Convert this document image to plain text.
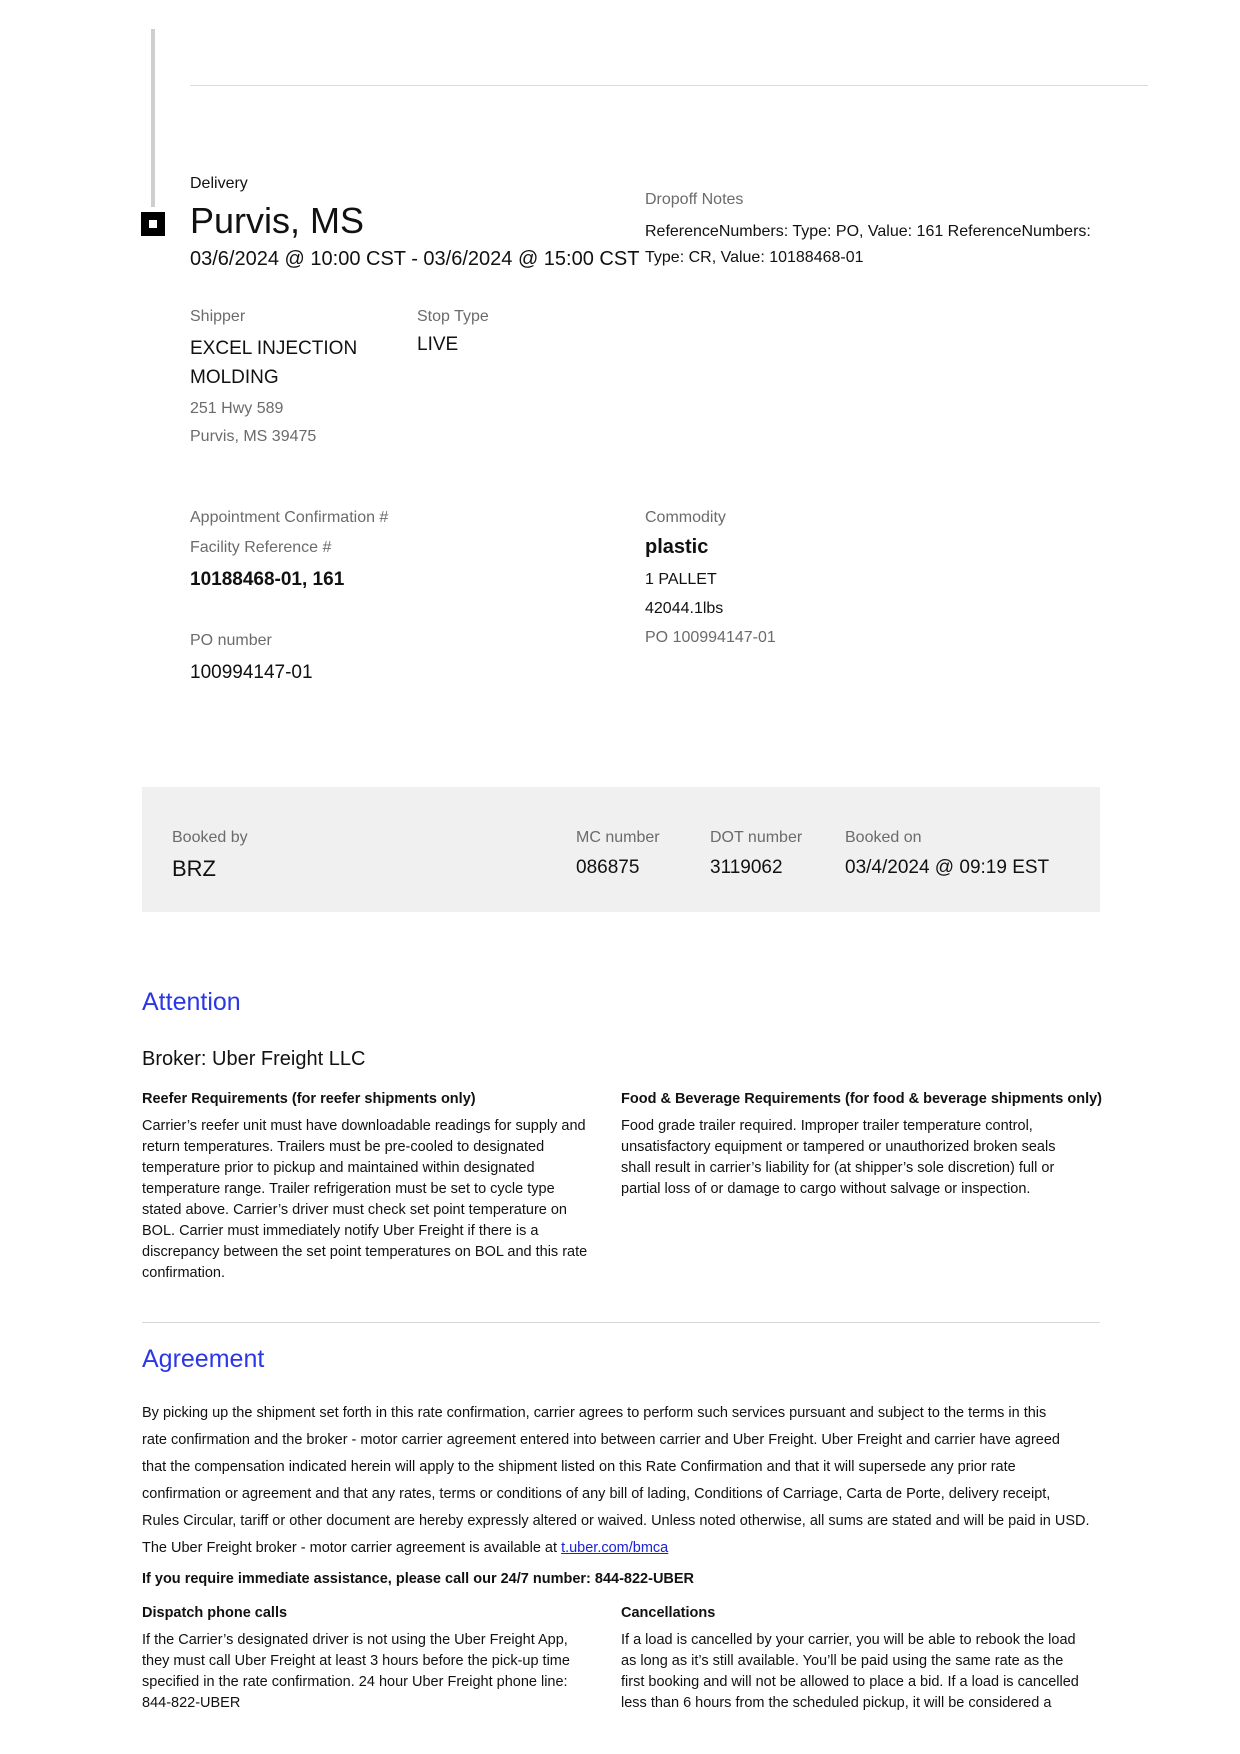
Delivery
Purvis, MS
03/6/2024 @ 10:00 CST - 03/6/2024 @ 15:00 CST
Dropoff Notes
ReferenceNumbers: Type: PO, Value: 161 ReferenceNumbers:
Type: CR, Value: 10188468-01
Shipper
EXCEL INJECTION
MOLDING
251 Hwy 589
Purvis, MS 39475
Stop Type
LIVE
Appointment Confirmation #
Facility Reference #
10188468-01, 161
PO number
100994147-01
Commodity
plastic
1 PALLET
42044.1lbs
PO 100994147-01
Booked by
BRZ
MC number
086875
DOT number
3119062
Booked on
03/4/2024 @ 09:19 EST
Attention
Broker: Uber Freight LLC
Reefer Requirements (for reefer shipments only)
Carrier’s reefer unit must have downloadable readings for supply and
return temperatures. Trailers must be pre-cooled to designated
temperature prior to pickup and maintained within designated
temperature range. Trailer refrigeration must be set to cycle type
stated above. Carrier’s driver must check set point temperature on
BOL. Carrier must immediately notify Uber Freight if there is a
discrepancy between the set point temperatures on BOL and this rate
confirmation.
Food & Beverage Requirements (for food & beverage shipments only)
Food grade trailer required. Improper trailer temperature control,
unsatisfactory equipment or tampered or unauthorized broken seals
shall result in carrier’s liability for (at shipper’s sole discretion) full or
partial loss of or damage to cargo without salvage or inspection.
Agreement
By picking up the shipment set forth in this rate confirmation, carrier agrees to perform such services pursuant and subject to the terms in this
rate confirmation and the broker - motor carrier agreement entered into between carrier and Uber Freight. Uber Freight and carrier have agreed
that the compensation indicated herein will apply to the shipment listed on this Rate Confirmation and that it will supersede any prior rate
confirmation or agreement and that any rates, terms or conditions of any bill of lading, Conditions of Carriage, Carta de Porte, delivery receipt,
Rules Circular, tariff or other document are hereby expressly altered or waived. Unless noted otherwise, all sums are stated and will be paid in USD.
The Uber Freight broker - motor carrier agreement is available at t.uber.com/bmca
If you require immediate assistance, please call our 24/7 number: 844-822-UBER
Dispatch phone calls
If the Carrier’s designated driver is not using the Uber Freight App,
they must call Uber Freight at least 3 hours before the pick-up time
specified in the rate confirmation. 24 hour Uber Freight phone line:
844-822-UBER
Cancellations
If a load is cancelled by your carrier, you will be able to rebook the load
as long as it’s still available. You’ll be paid using the same rate as the
first booking and will not be allowed to place a bid. If a load is cancelled
less than 6 hours from the scheduled pickup, it will be considered a
